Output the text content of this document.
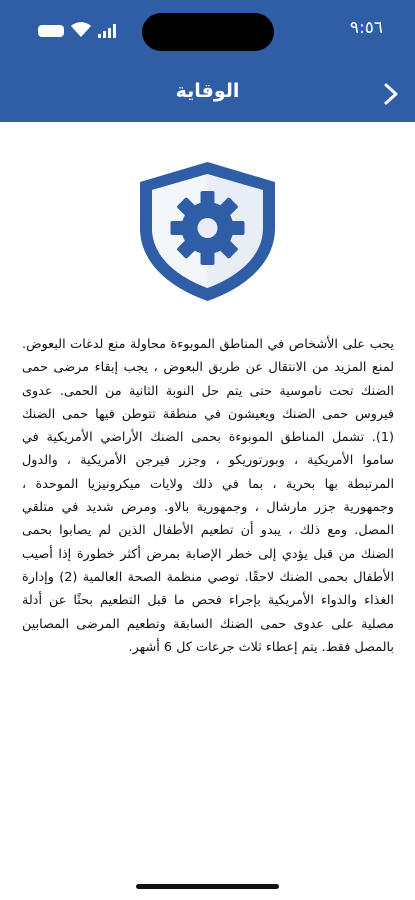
٩:٥٦
الوقاية
يجب على الأشخاص في المناطق الموبوءة محاولة منع لدغات البعوض. لمنع المزيد من الانتقال عن طريق البعوض ، يجب إبقاء مرضى حمى الضنك تحت ناموسية حتى يتم حل النوبة الثانية من الحمى. عدوى فيروس حمى الضنك ويعيشون في منطقة تتوطن فيها حمى الضنك (1). تشمل المناطق الموبوءة بحمى الضنك الأراضي الأمريكية في ساموا الأمريكية ، وبورتوريكو ، وجزر فيرجن الأمريكية ، والدول المرتبطة بها بحرية ، بما في ذلك ولايات ميكرونيزيا الموحدة ، وجمهورية جزر مارشال ، وجمهورية بالاو. ومرض شديد في متلقي المصل. ومع ذلك ، يبدو أن تطعيم الأطفال الذين لم يصابوا بحمى الضنك من قبل يؤدي إلى خطر الإصابة بمرض أكثر خطورة إذا أصيب الأطفال بحمى الضنك لاحقًا. توصي منظمة الصحة العالمية (2) وإدارة الغذاء والدواء الأمريكية بإجراء فحص ما قبل التطعيم بحثًا عن أدلة مصلية على عدوى حمى الضنك السابقة وتطعيم المرضى المصابين بالمصل فقط. يتم إعطاء ثلاث جرعات كل 6 أشهر.
